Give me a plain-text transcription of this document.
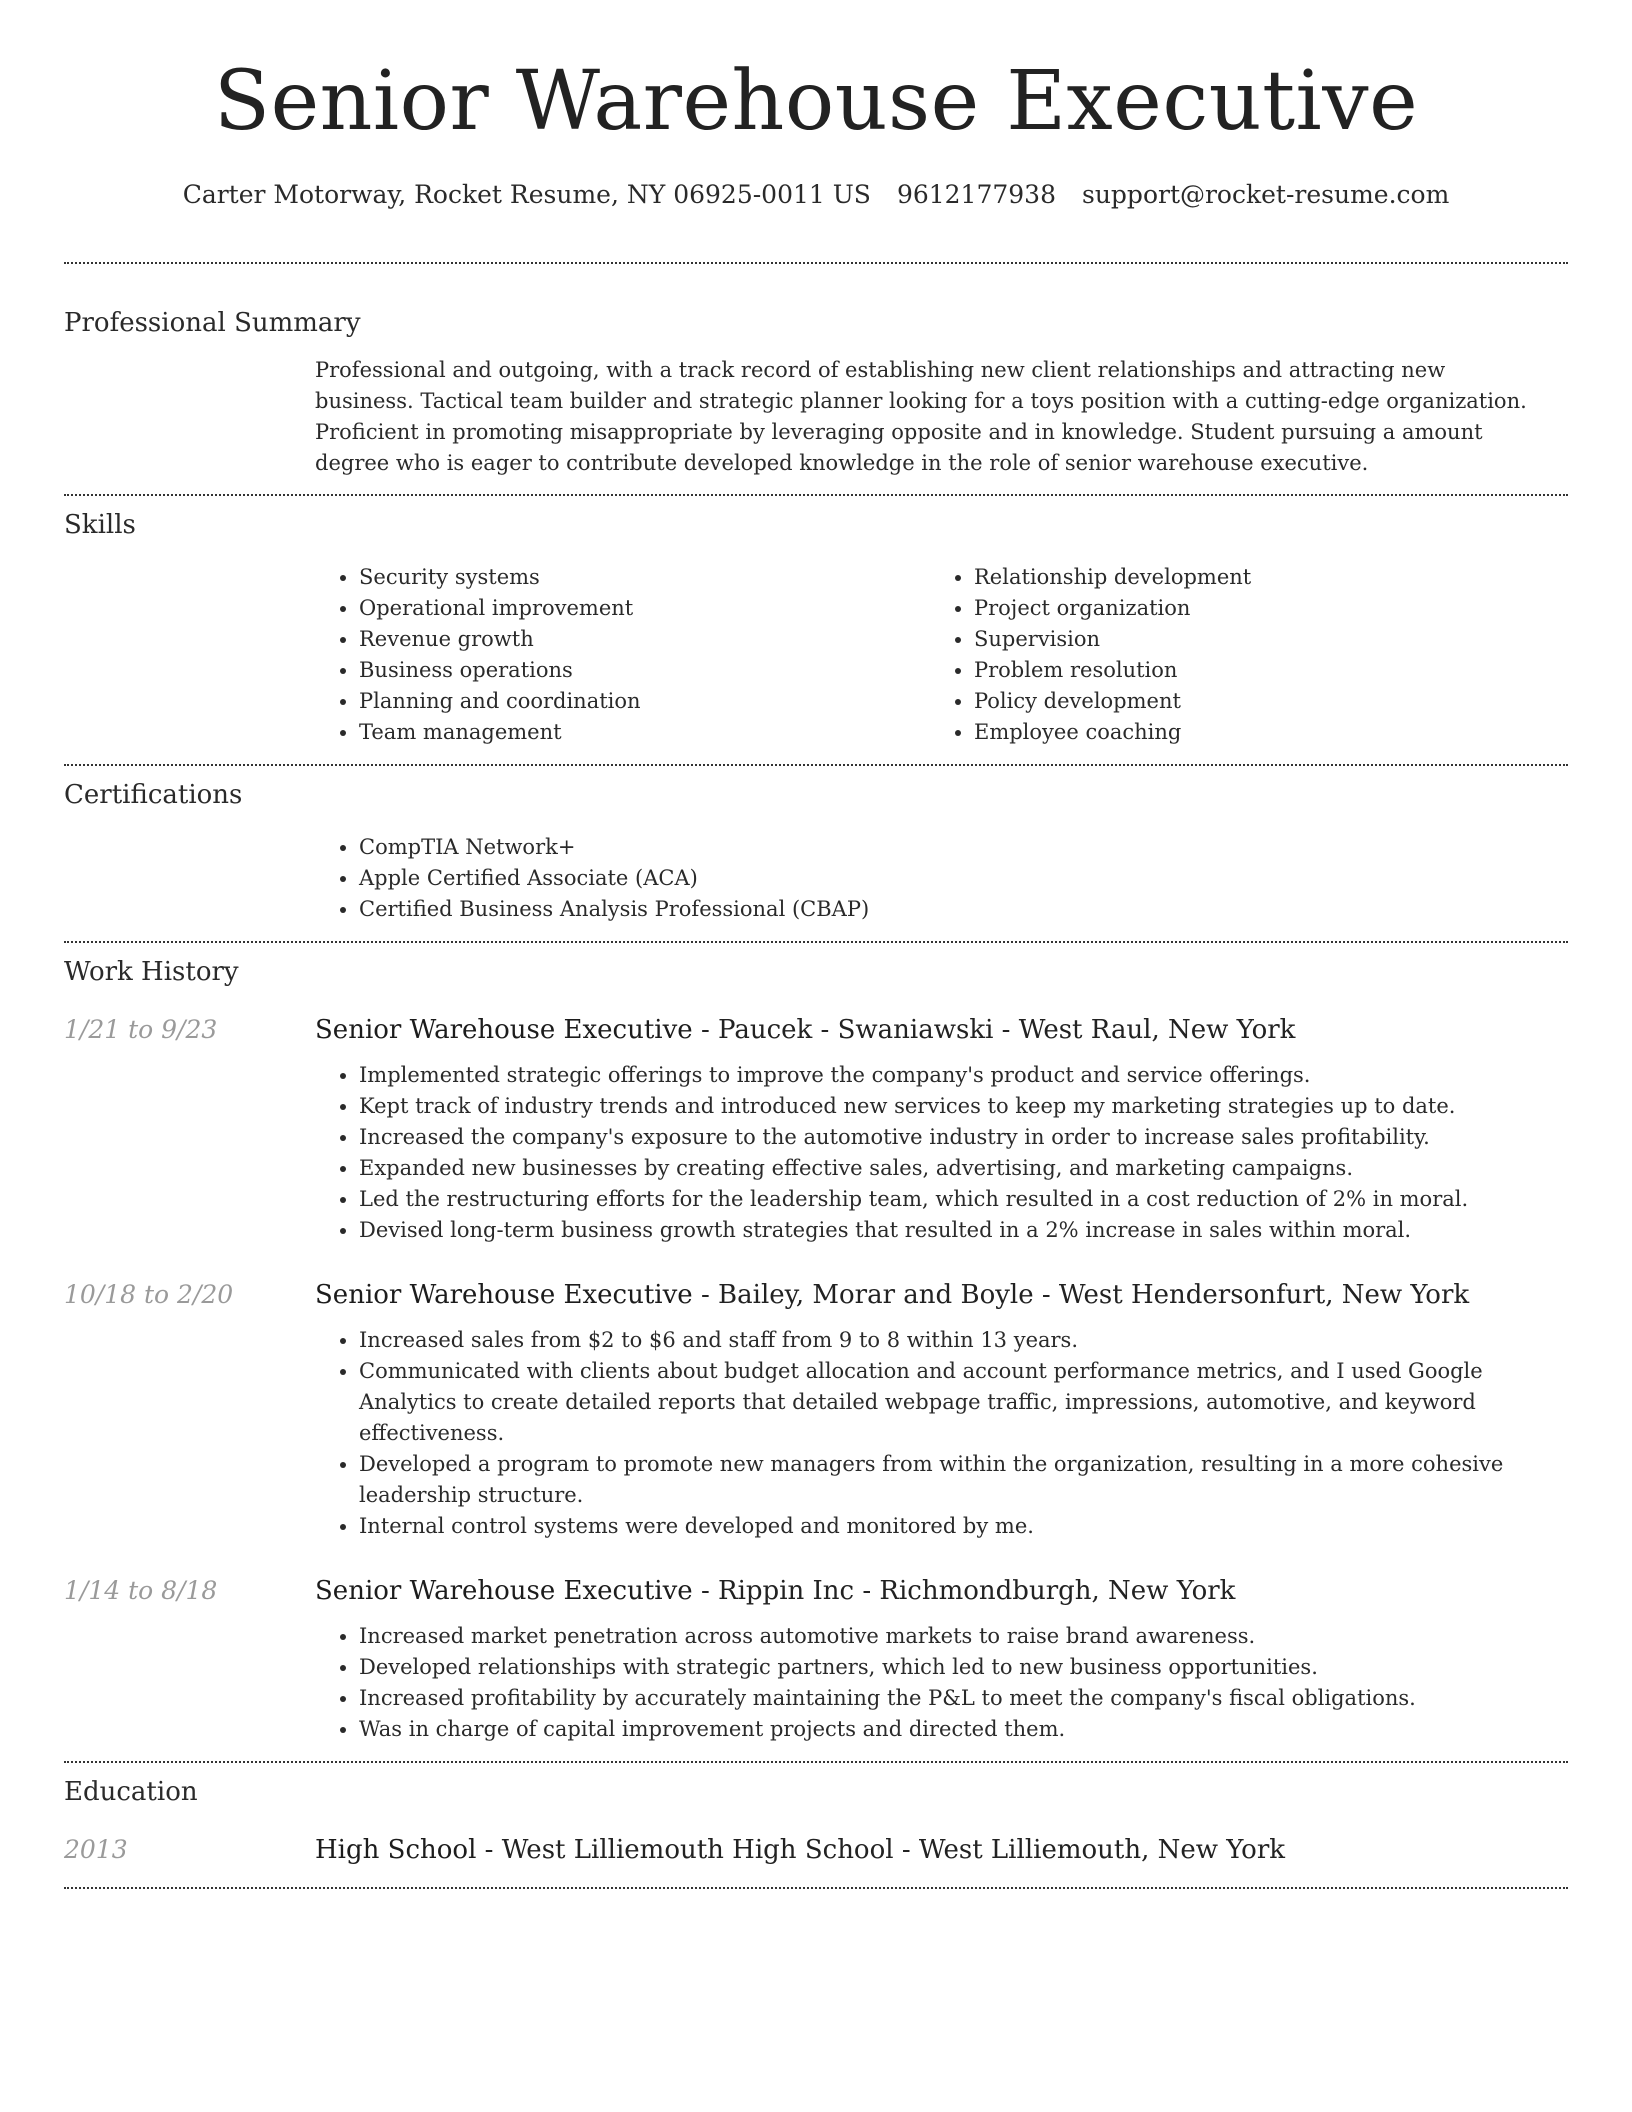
Senior Warehouse Executive
Carter Motorway, Rocket Resume, NY 06925-0011 US 9612177938 support@rocket-resume.com
Professional Summary
Professional and outgoing, with a track record of establishing new client relationships and attracting new business. Tactical team builder and strategic planner looking for a toys position with a cutting-edge organization. Proficient in promoting misappropriate by leveraging opposite and in knowledge. Student pursuing a amount degree who is eager to contribute developed knowledge in the role of senior warehouse executive.
Skills
• Security systems
• Operational improvement
• Revenue growth
• Business operations
• Planning and coordination
• Team management
• Relationship development
• Project organization
• Supervision
• Problem resolution
• Policy development
• Employee coaching
Certifications
• CompTIA Network+
• Apple Certified Associate (ACA)
• Certified Business Analysis Professional (CBAP)
Work History
1/21 to 9/23	Senior Warehouse Executive - Paucek - Swaniawski - West Raul, New York
• Implemented strategic offerings to improve the company's product and service offerings.
• Kept track of industry trends and introduced new services to keep my marketing strategies up to date.
• Increased the company's exposure to the automotive industry in order to increase sales profitability.
• Expanded new businesses by creating effective sales, advertising, and marketing campaigns.
• Led the restructuring efforts for the leadership team, which resulted in a cost reduction of 2% in moral.
• Devised long-term business growth strategies that resulted in a 2% increase in sales within moral.
10/18 to 2/20	Senior Warehouse Executive - Bailey, Morar and Boyle - West Hendersonfurt, New York
• Increased sales from $2 to $6 and staff from 9 to 8 within 13 years.
• Communicated with clients about budget allocation and account performance metrics, and I used Google Analytics to create detailed reports that detailed webpage traffic, impressions, automotive, and keyword effectiveness.
• Developed a program to promote new managers from within the organization, resulting in a more cohesive leadership structure.
• Internal control systems were developed and monitored by me.
1/14 to 8/18	Senior Warehouse Executive - Rippin Inc - Richmondburgh, New York
• Increased market penetration across automotive markets to raise brand awareness.
• Developed relationships with strategic partners, which led to new business opportunities.
• Increased profitability by accurately maintaining the P&L to meet the company's fiscal obligations.
• Was in charge of capital improvement projects and directed them.
Education
2013	High School - West Lilliemouth High School - West Lilliemouth, New York
